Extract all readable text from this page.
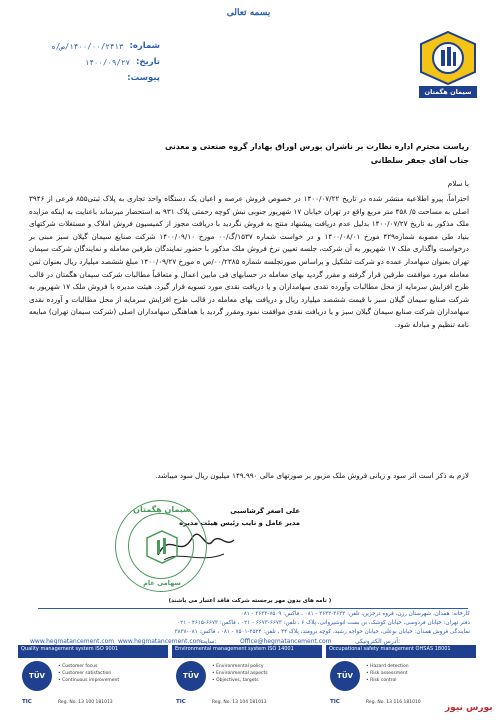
بسمه تعالی
شماره:
۱۴۰۰/۰۰/۲۴۱۳/ص/ه
تاریخ:
۱۴۰۰/۰۹/۲۷
پیوست:
سیمان هگمتان
ریاست محترم اداره نظارت بر ناشران بورس اوراق بهادار گروه صنعتی و معدنی
جناب آقای جعفر سلطانی
با سلام
احتراماً، پیرو اطلاعیه منتشر شده در تاریخ ۱۴۰۰/۰۷/۲۲ در خصوص فروش عرصه و اعیان یک دستگاه واحد تجاری به پلاک ثبتی۸۵۵ فرعی از ۳۹۴۶ اصلی به مساحت ۵/ ۴۵۸ متر مربع واقع در تهران خیابان ۱۷ شهریور جنوبی نبش کوچه رحمتی پلاک ۹۳۱ به استحضار میرساند باعنایت به اینکه مزایده ملک مذکور به تاریخ ۱۴۰۰/۰۷/۲۷ بدلیل عدم دریافت پیشنهاد منتج به فروش نگردید با دریافت مجوز از کمیسیون فروش املاک و مستغلات شرکتهای بنیاد طی مصوبه شماره۴۲۹ مورخ ۱۴۰۰/۰۸/۰۱ و در خواست شماره ۱۵۳۷/گ/۰۰ مورخ ۱۴۰۰/۰۹/۱۰ شرکت صنایع سیمان گیلان سبز مبنی بر درخواست واگذاری ملک ۱۷ شهریور به آن شرکت، جلسه تعیین نرخ فروش ملک مذکور با حضور نمایندگان طرفین معامله و نمایندگان شرکت سیمان تهران بعنوان سهامدار عمده دو شرکت تشکیل و براساس صورتجلسه شماره ۰۰/۲۳۸۵/ص ه مورخ ۱۴۰۰/۰۹/۲۷ مبلغ ششصد میلیارد ریال بعنوان ثمن معامله مورد موافقت طرفین قرار گرفته و مقرر گردید بهای معامله در حسابهای فی مابین اعمال و متعاقباً مطالبات شرکت سیمان هگمتان در قالب طرح افزایش سرمایه از محل مطالبات وآورده نقدی سهامداران و یا دریافت نقدی مورد تسویه قرار گیرد. هیئت مدیره با فروش ملک ۱۷ شهریور به شرکت صنایع سیمان گیلان سبز با قیمت ششصد میلیارد ریال و دریافت بهای معامله در قالب طرح افزایش سرمایه از محل مطالبات و آورده نقدی سهامداران شرکت صنایع سیمان گیلان سبز و یا دریافت نقدی موافقت نمود ومقرر گردید با هماهنگی سهامداران اصلی (شرکت سیمان تهران) مبایعه نامه تنظیم و مبادله شود.
لازم به ذکر است اثر سود و زیانی فروش ملک مزبور بر صورتهای مالی ۱۴۹.۹۹۰ میلیون ریال سود میباشد.
علی اصغر گرشاسبی
مدیر عامل و نایب رئیس هیئت مدیره
سیمان هگمتان
سهامی عام
( نامه های بدون مهر برجسته شرکت فاقد اعتبار می باشند)
کارخانه: همدان، شهرستان رزن، قروه درجزین، تلفن: ۳۶۳۳-۳۶۳۳ - ۰۸۱ ، فاکس: ۷۵۰۹-۳۶۳۳ - ۰۸۱
دفتر تهران: خیابان فردوسی، خیابان کوشک، بن بست انوشیروانی، پلاک ۶ ، تلفن: ۶۶۷۳-۶۶۷۳ - ۰۲۱ ، فاکس: ۶۶۷۳-۴۶۱۵ - ۰۲۱
نمایندگی فروش همدان: خیابان بوعلی، خیابان خواجه رشید، کوچه برومند، پلاک ۴۴ ، تلفن: ۲۵۲۴-۷۵۰۱ - ۰۸۱ ، فاکس: ۰۸۱-۳۸۳۸
www.hegmatancement.com	Office@hegmatancement.com
سایت:	آدرس الکترونیکی:
www.hegmatancement.com
Quality management system ISO 9001
TÜV
• Customer focus
• Customer satisfaction
• Continuous improvement
TIC	Reg. No. 13 100 181013
Environmental management system ISO 14001
TÜV
• Environmental policy
• Environmental aspects
• Objectives, targets
TIC	Reg. No. 13 104 181013
Occupational safety management OHSAS 18001
TÜV
• Hazard detection
• Risk assessment
• Risk control
TIC	Reg. No. 13 116 181010
بورس نیوز
